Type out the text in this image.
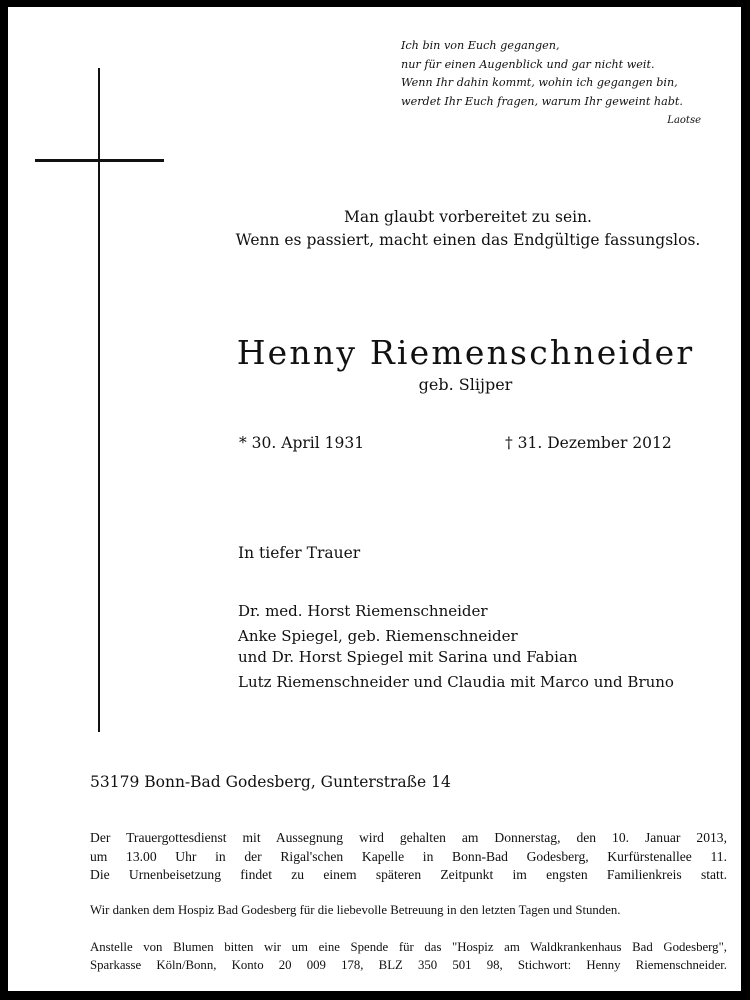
Ich bin von Euch gegangen,
nur für einen Augenblick und gar nicht weit.
Wenn Ihr dahin kommt, wohin ich gegangen bin,
werdet Ihr Euch fragen, warum Ihr geweint habt.
Laotse
Man glaubt vorbereitet zu sein.
Wenn es passiert, macht einen das Endgültige fassungslos.
Henny Riemenschneider
geb. Slijper
* 30. April 1931	† 31. Dezember 2012
In tiefer Trauer
Dr. med. Horst Riemenschneider
Anke Spiegel, geb. Riemenschneider
und Dr. Horst Spiegel mit Sarina und Fabian
Lutz Riemenschneider und Claudia mit Marco und Bruno
53179 Bonn-Bad Godesberg, Gunterstraße 14
Der Trauergottesdienst mit Aussegnung wird gehalten am Donnerstag, den 10. Januar 2013,
um 13.00 Uhr in der Rigal'schen Kapelle in Bonn-Bad Godesberg, Kurfürstenallee 11.
Die Urnenbeisetzung findet zu einem späteren Zeitpunkt im engsten Familienkreis statt.
Wir danken dem Hospiz Bad Godesberg für die liebevolle Betreuung in den letzten Tagen und Stunden.
Anstelle von Blumen bitten wir um eine Spende für das "Hospiz am Waldkrankenhaus Bad Godesberg",
Sparkasse Köln/Bonn, Konto 20 009 178, BLZ 350 501 98, Stichwort: Henny Riemenschneider.
